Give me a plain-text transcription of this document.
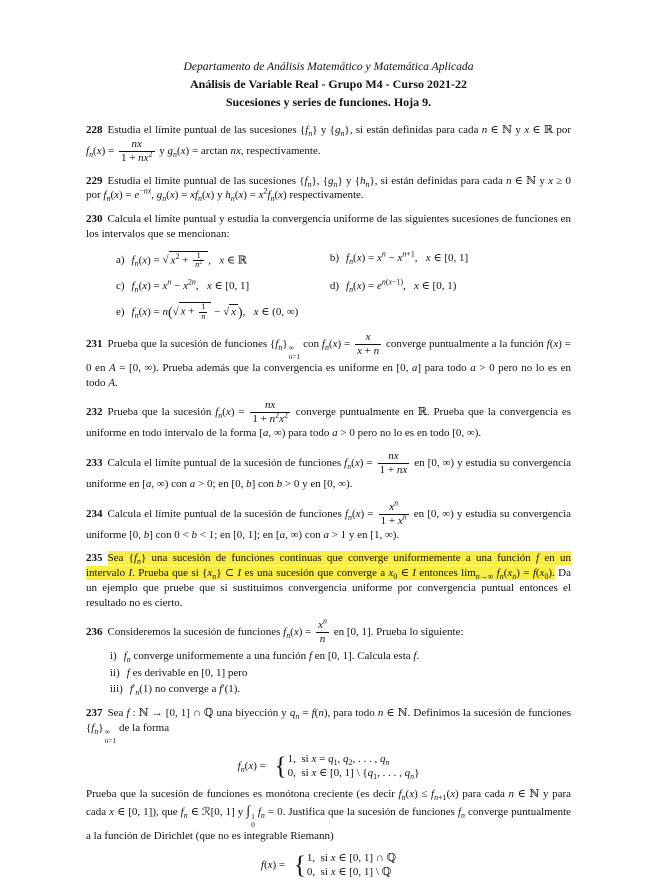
Departamento de Análisis Matemático y Matemática Aplicada
Análisis de Variable Real - Grupo M4 - Curso 2021-22
Sucesiones y series de funciones. Hoja 9.

228 Estudia el límite puntual de las sucesiones $\{f_n\}$ y $\{g_n\}$, si están definidas para cada n ∈ ℕ y x ∈ ℝ por $f_n(x) = \frac{nx}{1 + nx^2}$ y $g_n(x) = \arctan$ nx, respectivamente.

229 Estudia el límite puntual de las sucesiones $\{f_n\}$, $\{g_n\}$ y $\{h_n\}$, si están definidas para cada n ∈ ℕ y x ≥ 0 por $f_n(x) = e^{-nx}$, $g_n(x) = xf_n(x)$ y $h_n(x) = x^2f_n(x)$ respectivamente.

230 Calcula el límite puntual y estudia la convergencia uniforme de las siguientes sucesiones de funciones en los intervalos que se mencionan:

a) $f_n(x)$ = √ $x^2 + \frac{1}{n^2}$ ,  x ∈ ℝ	b) $f_n(x) = x^n - x^{n+1}$,  x ∈ [0, 1]
c) $f_n(x) = x^n - x^{2n}$,  x ∈ [0, 1]	d) $f_n(x) = e^{n(x-1)}$,  x ∈ [0, 1)
e) $f_n(x) = n(√$ $x + \frac{1}{n}$ − √ x ),  x ∈ (0, ∞)

231 Prueba que la sucesión de funciones $\{f_n\}$ ∞
n=1
con $f_n(x) = \frac{x}{x + n}$ converge puntualmente a la función f(x) = 0 en A = [0, ∞). Prueba además que la convergencia es uniforme en [0, a] para todo a > 0 pero no lo es en todo A.

232 Prueba que la sucesión $f_n(x) = \frac{nx}{1 + n^2x^2}$ converge puntualmente en ℝ. Prueba que la convergencia es uniforme en todo intervalo de la forma [a, ∞) para todo a > 0 pero no lo es en todo [0, ∞).

233 Calcula el límite puntual de la sucesión de funciones $f_n(x) = \frac{nx}{1 + nx}$ en [0, ∞) y estudia su convergencia uniforme en [a, ∞) con a > 0; en [0, b] con b > 0 y en [0, ∞).

234 Calcula el límite puntual de la sucesión de funciones $f_n(x) = \frac{x^n}{1 + x^n}$ en [0, ∞) y estudia su convergencia uniforme [0, b] con 0 < b < 1; en [0, 1]; en [a, ∞) con a > 1 y en [1, ∞).

235 Sea $\{f_n\}$ una sucesión de funciones continuas que converge uniformemente a una función f en un intervalo I. Prueba que si $\{x_n\}$ ⊂ I es una sucesión que converge a $x_0$ ∈ I entonces lím$_{n\to\infty}$ $f_n(x_n) = f(x_0)$. Da un ejemplo que pruebe que si sustituimos convergencia uniforme por convergencia puntual entonces el resultado no es cierto.

236 Consideremos la sucesión de funciones $f_n(x) = \frac{x^n}{n}$ en [0, 1]. Prueba lo siguiente:

i) $f_n$ converge uniformemente a una función f en [0, 1]. Calcula esta f.
ii) f es derivable en [0, 1] pero
iii) $f'_n(1)$ no converge a f′(1).

237 Sea f : ℕ → [0, 1] ∩ ℚ una biyección y $q_n = f(n)$, para todo n ∈ ℕ. Definimos la sucesión de funciones $\{f_n\}$ ∞
n=1
de la forma

$f_n(x)$ = { 1,  si $x = q_1$, $q_2$, . . . , $q_n$
0,  si x ∈ [0, 1] \ {$q_1$, . . . , $q_n$}

Prueba que la sucesión de funciones es monótona creciente (es decir $f_n(x) \le f_{n+1}(x)$ para cada n ∈ ℕ y para cada x ∈ [0, 1]), que $f_n$ ∈ ℛ[0, 1] y ∫ 1
0
$f_n = 0$. Justifica que la sucesión de funciones $f_n$ converge puntualmente a la función de Dirichlet (que no es integrable Riemann)

f(x) = { 1,  si x ∈ [0, 1] ∩ ℚ
0,  si x ∈ [0, 1] \ ℚ
